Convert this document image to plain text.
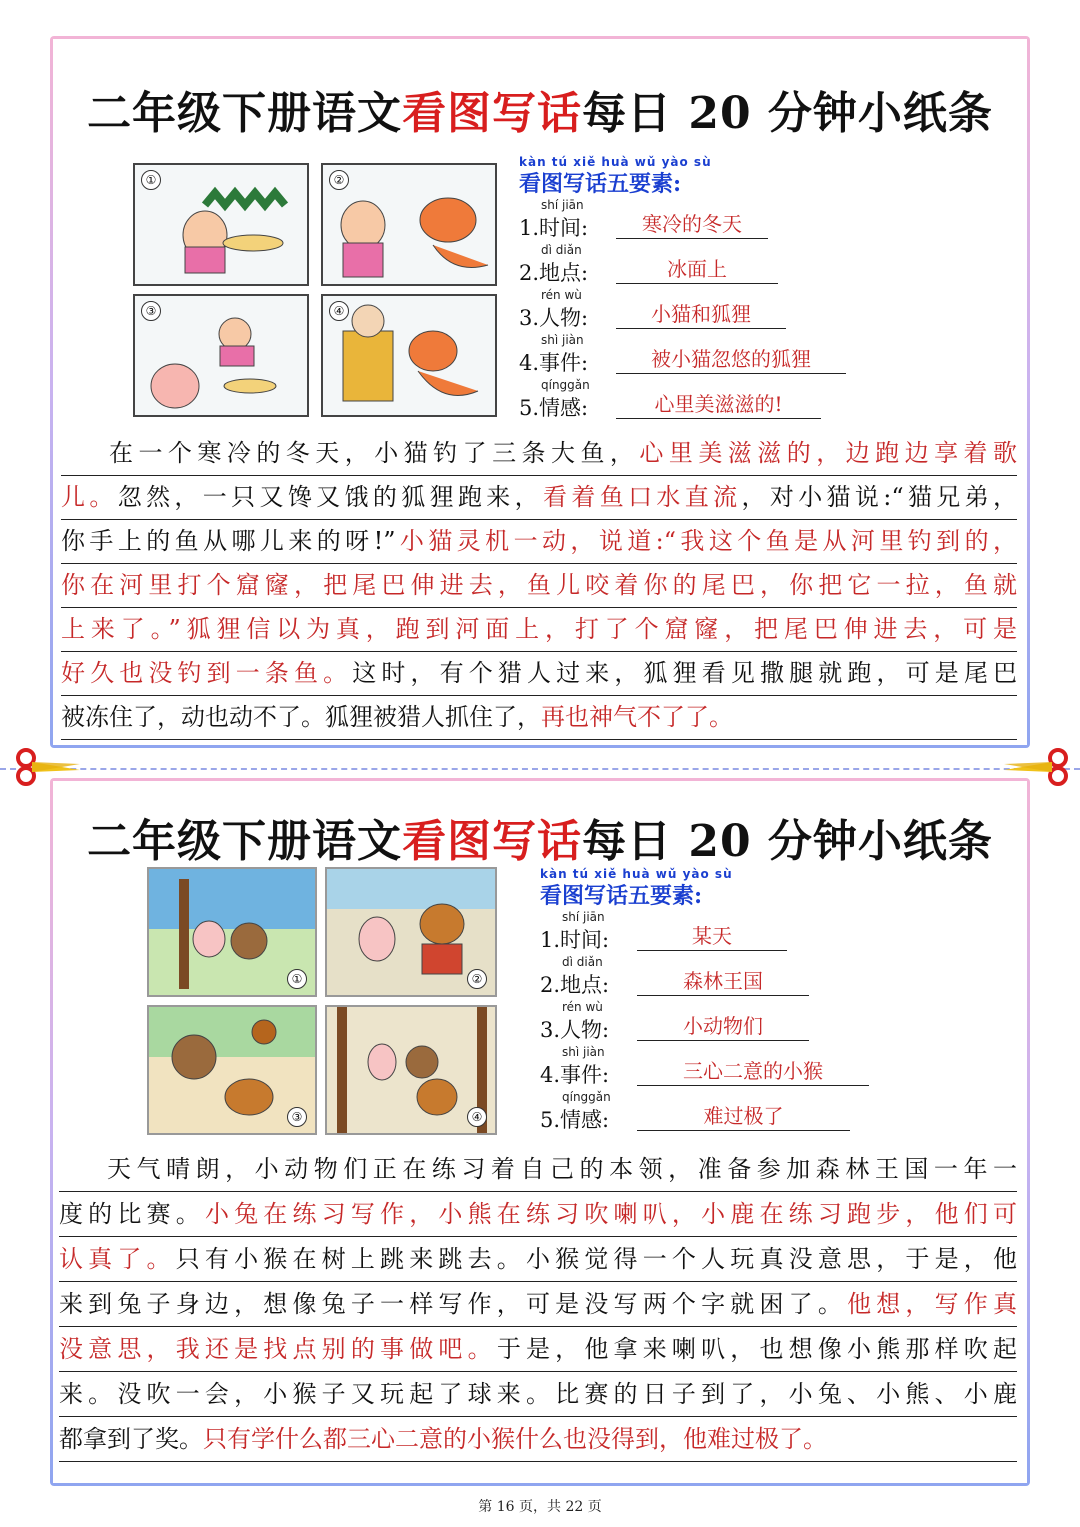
二年级下册语文看图写话每日 20 分钟小纸条
①	②
③	④
kàn tú xiě huà wǔ yào sù
看图写话五要素:
shí jiān
1.时间:	寒冷的冬天
dì diǎn
2.地点:	冰面上
rén wù
3.人物:	小猫和狐狸
shì jiàn
4.事件:	被小猫忽悠的狐狸
qínggǎn
5.情感:	心里美滋滋的!
在一个寒冷的冬天，小猫钓了三条大鱼，心里美滋滋的，边跑边享着歌
儿。忽然，一只又馋又饿的狐狸跑来，看着鱼口水直流，对小猫说:“猫兄弟，
你手上的鱼从哪儿来的呀!”小猫灵机一动，说道:“我这个鱼是从河里钓到的，
你在河里打个窟窿，把尾巴伸进去，鱼儿咬着你的尾巴，你把它一拉，鱼就
上来了。”狐狸信以为真，跑到河面上，打了个窟窿，把尾巴伸进去，可是
好久也没钓到一条鱼。这时，有个猎人过来，狐狸看见撒腿就跑，可是尾巴
被冻住了，动也动不了。狐狸被猎人抓住了，再也神气不了了。
二年级下册语文看图写话每日 20 分钟小纸条
①	②
③	④
kàn tú xiě huà wǔ yào sù
看图写话五要素:
shí jiān
1.时间:	某天
dì diǎn
2.地点:	森林王国
rén wù
3.人物:	小动物们
shì jiàn
4.事件:	三心二意的小猴
qínggǎn
5.情感:	难过极了
天气晴朗，小动物们正在练习着自己的本领，准备参加森林王国一年一
度的比赛。小兔在练习写作，小熊在练习吹喇叭，小鹿在练习跑步，他们可
认真了。只有小猴在树上跳来跳去。小猴觉得一个人玩真没意思，于是，他
来到兔子身边，想像兔子一样写作，可是没写两个字就困了。他想，写作真
没意思，我还是找点别的事做吧。于是，他拿来喇叭，也想像小熊那样吹起
来。没吹一会，小猴子又玩起了球来。比赛的日子到了，小兔、小熊、小鹿
都拿到了奖。只有学什么都三心二意的小猴什么也没得到，他难过极了。
第 16 页，共 22 页
